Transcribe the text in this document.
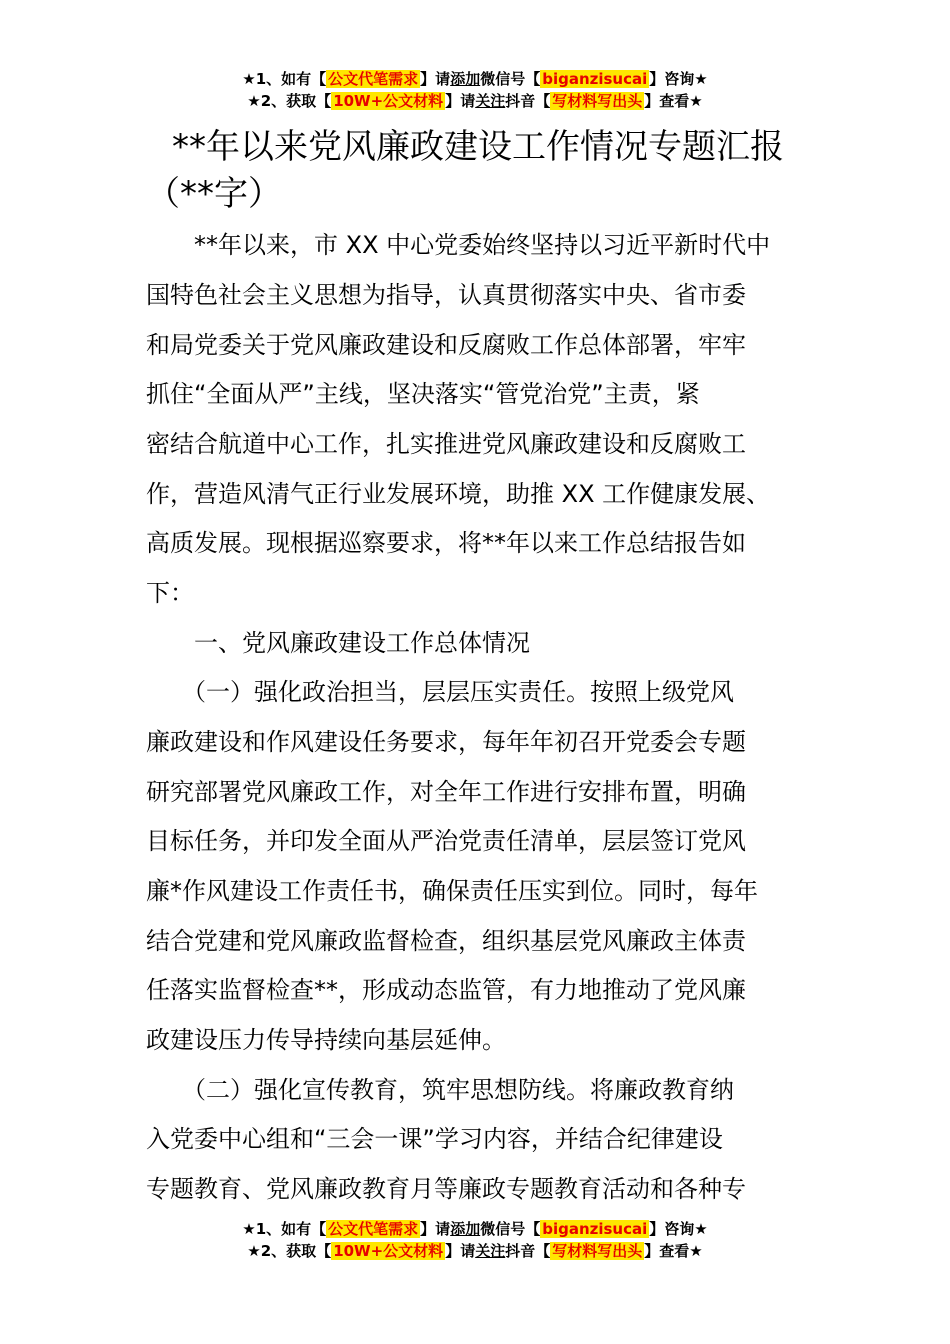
★1、如有【 公文代笔需求 】请添加微信号【 biganzisucai 】咨询★
★2、获取【 10W+公文材料 】请关注抖音【 写材料写出头 】查看★
**年以来党风廉政建设工作情况专题汇报
（**字）
　　**年以来，市 XX 中心党委始终坚持以习近平新时代中
国特色社会主义思想为指导，认真贯彻落实中央、省市委
和局党委关于党风廉政建设和反腐败工作总体部署，牢牢
抓住“全面从严”主线，坚决落实“管党治党”主责，紧
密结合航道中心工作，扎实推进党风廉政建设和反腐败工
作，营造风清气正行业发展环境，助推 XX 工作健康发展、
高质发展。现根据巡察要求，将**年以来工作总结报告如
下：
　　一、党风廉政建设工作总体情况
　　（一）强化政治担当，层层压实责任。按照上级党风
廉政建设和作风建设任务要求，每年年初召开党委会专题
研究部署党风廉政工作，对全年工作进行安排布置，明确
目标任务，并印发全面从严治党责任清单，层层签订党风
廉*作风建设工作责任书，确保责任压实到位。同时，每年
结合党建和党风廉政监督检查，组织基层党风廉政主体责
任落实监督检查**，形成动态监管，有力地推动了党风廉
政建设压力传导持续向基层延伸。
　　（二）强化宣传教育，筑牢思想防线。将廉政教育纳
入党委中心组和“三会一课”学习内容，并结合纪律建设
专题教育、党风廉政教育月等廉政专题教育活动和各种专
★1、如有【 公文代笔需求 】请添加微信号【 biganzisucai 】咨询★
★2、获取【 10W+公文材料 】请关注抖音【 写材料写出头 】查看★
